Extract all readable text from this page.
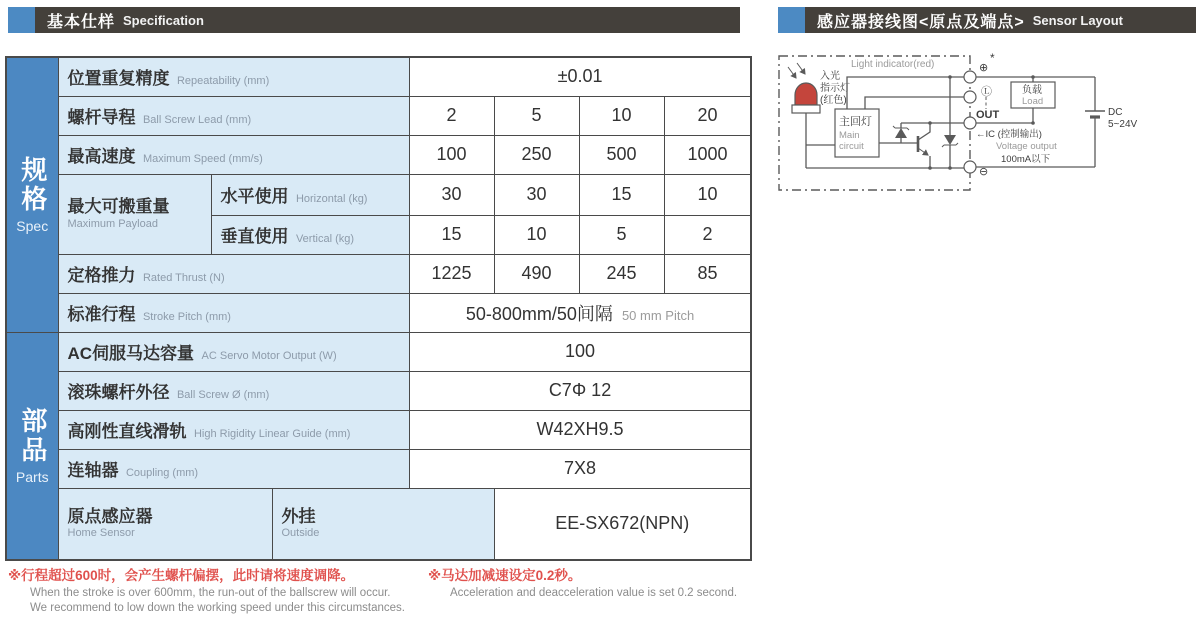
基本仕样 Specification	感应器接线图<原点及端点> Sensor Layout
规格
Spec	位置重复精度 Repeatability (mm)			±0.01			
	螺杆导程 Ball Screw Lead (mm)			2	5	10	20
	最高速度 Maximum Speed (mm/s)			100	250	500	1000

	最大可搬重量
Maximum Payload	水平使用 Horizontal (kg)		30	30	15	10
		垂直使用 Vertical (kg)		15	10	5	2
	定格推力 Rated Thrust (N)			1225	490	245	85
	标准行程 Stroke Pitch (mm)			50-800mm/50间隔 50 mm Pitch			

部品
Parts	AC伺服马达容量 AC Servo Motor Output (W)			100			
	滚珠螺杆外径 Ball Screw Ø (mm)			C7Φ 12			
	高刚性直线滑轨 High Rigidity Linear Guide (mm)			W42XH9.5			
	连轴器 Coupling (mm)			7X8			

	原点感应器
Home Sensor		外挂
Outside		EE-SX672(NPN)		
※行程超过600时，会产生螺杆偏摆，此时请将速度调降。
When the stroke is over 600mm, the run-out of the ballscrew will occur.
We recommend to low down the working speed under this circumstances.
※马达加减速设定0.2秒。
Acceleration and deacceleration value is set 0.2 second.
入光
指示灯
(红色)
Light indicator(red)
主回灯
Main
circuit
*
⊕
Ⓛ
OUT
⊖
←IC (控制输出)
Voltage output
100mA以下
负载
Load
DC
5~24V
